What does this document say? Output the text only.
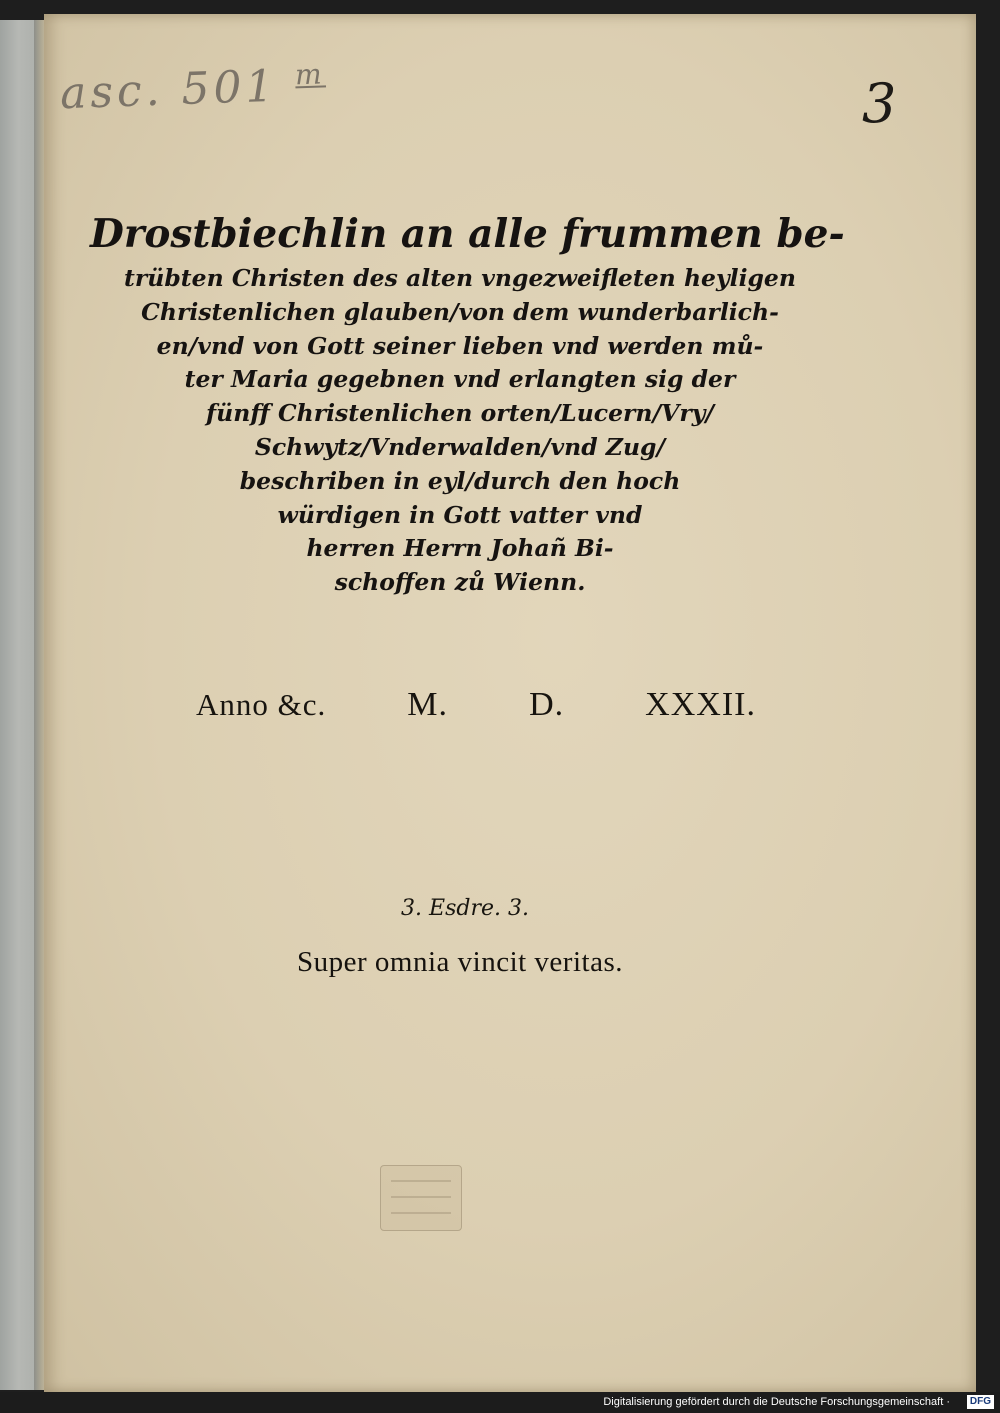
asc. 501 $^m$	3
Drostbiechlin an alle frummen be-
trübten Christen des alten vngezweifleten heyligen
Christenlichen glauben/von dem wunderbarlich-
en/vnd von Gott seiner lieben vnd werden mů-
ter Maria gegebnen vnd erlangten sig der
fünff Christenlichen orten/Lucern/Vry/
Schwytz/Vnderwalden/vnd Zug/
beschriben in eyl/durch den hoch
würdigen in Gott vatter vnd
herren Herrn Johañ Bi-
schoffen zů Wienn.
Anno &c. M. D. XXXII.
3. Esdre. 3.
Super omnia vincit veritas.
Digitalisierung gefördert durch die Deutsche Forschungsgemeinschaft ·	DFG
